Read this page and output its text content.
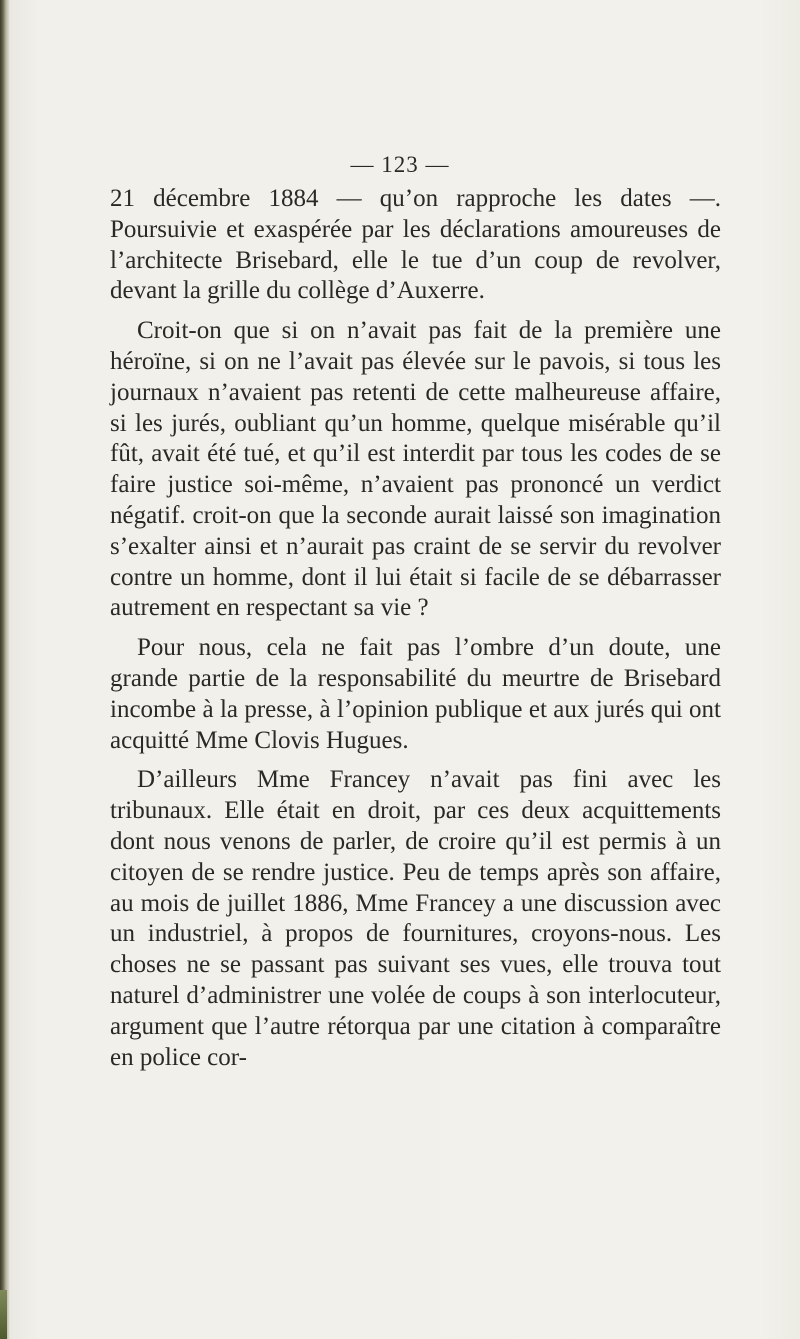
— 123 —

21 décembre 1884 — qu’on rapproche les dates —. Poursuivie et exaspérée par les déclarations amoureuses de l’architecte Brisebard, elle le tue d’un coup de revolver, devant la grille du collège d’Auxerre.

Croit-on que si on n’avait pas fait de la première une héroïne, si on ne l’avait pas élevée sur le pavois, si tous les journaux n’avaient pas retenti de cette malheureuse affaire, si les jurés, oubliant qu’un homme, quelque misérable qu’il fût, avait été tué, et qu’il est interdit par tous les codes de se faire justice soi-même, n’avaient pas prononcé un verdict négatif. croit-on que la seconde aurait laissé son imagination s’exalter ainsi et n’aurait pas craint de se servir du revolver contre un homme, dont il lui était si facile de se débarrasser autrement en respectant sa vie ?

Pour nous, cela ne fait pas l’ombre d’un doute, une grande partie de la responsabilité du meurtre de Brisebard incombe à la presse, à l’opinion publique et aux jurés qui ont acquitté Mme Clovis Hugues.

D’ailleurs Mme Francey n’avait pas fini avec les tribunaux. Elle était en droit, par ces deux acquittements dont nous venons de parler, de croire qu’il est permis à un citoyen de se rendre justice. Peu de temps après son affaire, au mois de juillet 1886, Mme Francey a une discussion avec un industriel, à propos de fournitures, croyons-nous. Les choses ne se passant pas suivant ses vues, elle trouva tout naturel d’administrer une volée de coups à son interlocuteur, argument que l’autre rétorqua par une citation à comparaître en police cor-
